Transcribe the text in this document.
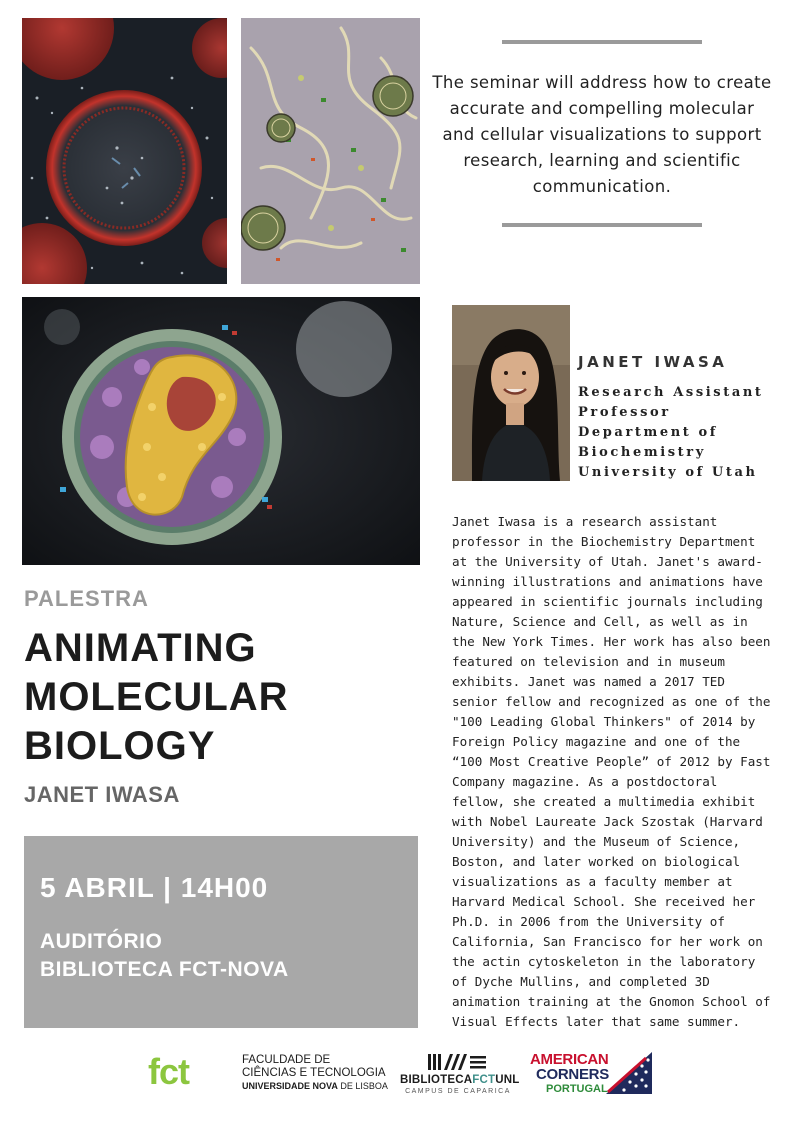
The seminar will address how to create accurate and compelling molecular and cellular visualizations to support research, learning and scientific communication.
JANET IWASA
Research Assistant
Professor
Department of
Biochemistry
University of Utah
Janet Iwasa is a research assistant professor in the Biochemistry Department at the University of Utah. Janet's award-winning illustrations and animations have appeared in scientific journals including Nature, Science and Cell, as well as in the New York Times. Her work has also been featured on television and in museum exhibits. Janet was named a 2017 TED senior fellow and recognized as one of the "100 Leading Global Thinkers" of 2014 by Foreign Policy magazine and one of the “100 Most Creative People” of 2012 by Fast Company magazine. As a postdoctoral fellow, she created a multimedia exhibit with Nobel Laureate Jack Szostak (Harvard University) and the Museum of Science, Boston, and later worked on biological visualizations as a faculty member at Harvard Medical School. She received her Ph.D. in 2006 from the University of California, San Francisco for her work on the actin cytoskeleton in the laboratory of Dyche Mullins, and completed 3D animation training at the Gnomon School of Visual Effects later that same summer.
PALESTRA
ANIMATING
MOLECULAR
BIOLOGY
JANET IWASA
5 ABRIL | 14H00
AUDITÓRIO
BIBLIOTECA FCT-NOVA
fct	FACULDADE DE
CIÊNCIAS E TECNOLOGIA
UNIVERSIDADE NOVA DE LISBOA BIBLIOTECAFCTUNL
CAMPUS DE CAPARICA
AMERICAN
CORNERS
PORTUGAL
